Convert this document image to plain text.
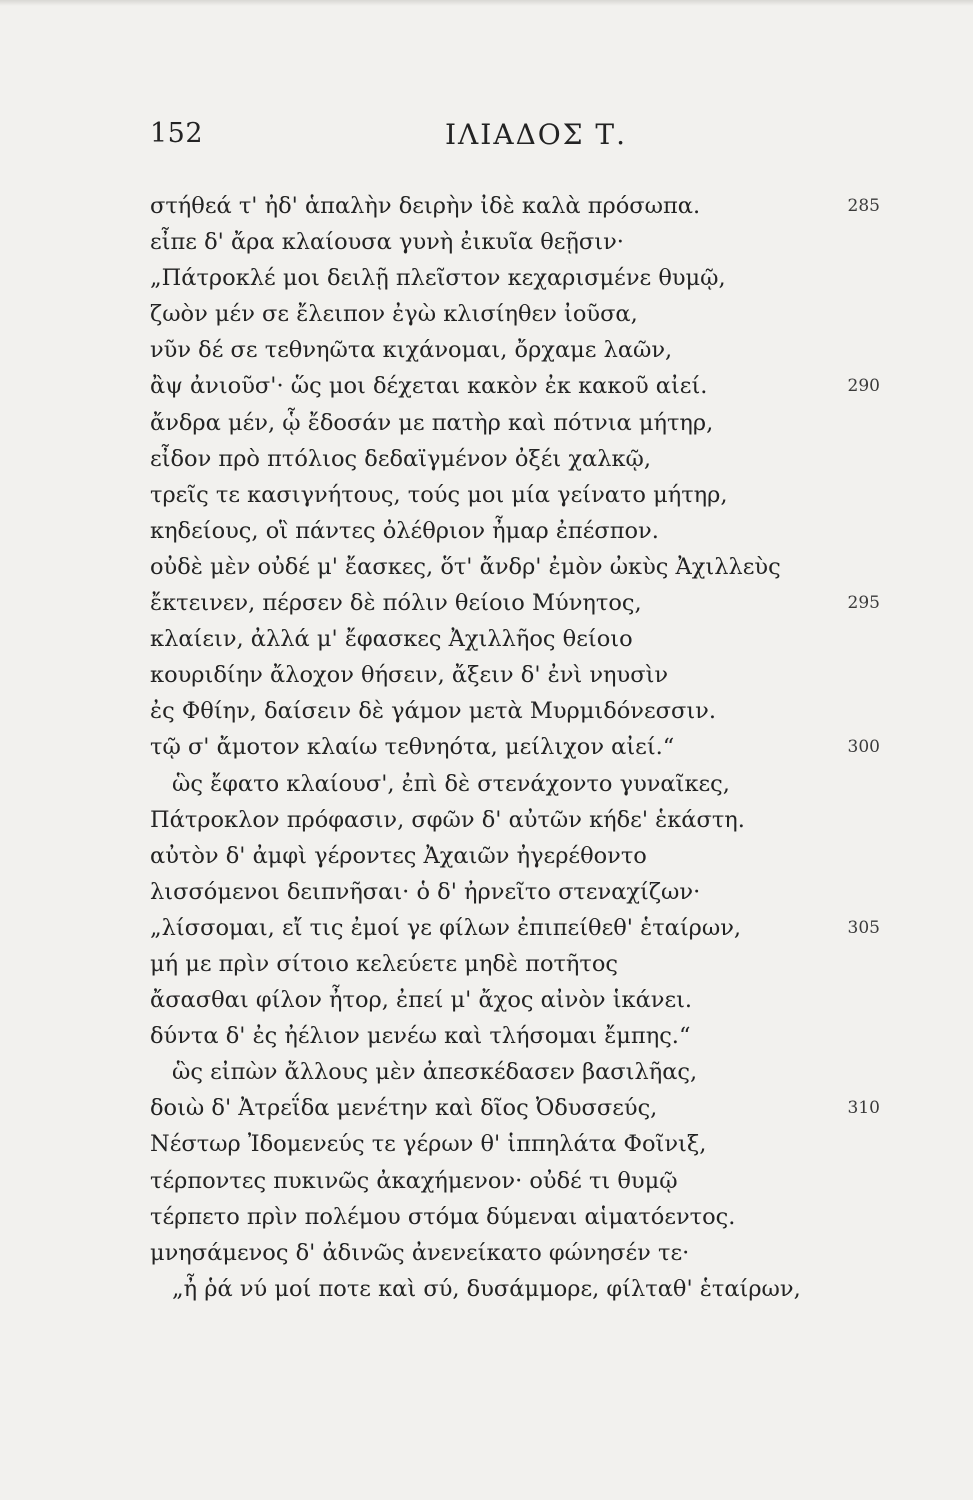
152	ΙΛΙΑΔΟΣ Τ.
στήθεά τ' ἠδ' ἁπαλὴν δειρὴν ἰδὲ καλὰ πρόσωπα.	285
εἶπε δ' ἄρα κλαίουσα γυνὴ ἐικυῖα θεῇσιν·
„Πάτροκλέ μοι δειλῇ πλεῖστον κεχαρισμένε θυμῷ,
ζωὸν μέν σε ἔλειπον ἐγὼ κλισίηθεν ἰοῦσα,
νῦν δέ σε τεθνηῶτα κιχάνομαι, ὄρχαμε λαῶν,
ἂψ ἀνιοῦσ'· ὥς μοι δέχεται κακὸν ἐκ κακοῦ αἰεί.	290
ἄνδρα μέν, ᾧ ἔδοσάν με πατὴρ καὶ πότνια μήτηρ,
εἶδον πρὸ πτόλιος δεδαϊγμένον ὀξέι χαλκῷ,
τρεῖς τε κασιγνήτους, τούς μοι μία γείνατο μήτηρ,
κηδείους, οἳ πάντες ὀλέθριον ἦμαρ ἐπέσπον.
οὐδὲ μὲν οὐδέ μ' ἔασκες, ὅτ' ἄνδρ' ἐμὸν ὠκὺς Ἀχιλλεὺς
ἔκτεινεν, πέρσεν δὲ πόλιν θείοιο Μύνητος,	295
κλαίειν, ἀλλά μ' ἔφασκες Ἀχιλλῆος θείοιο
κουριδίην ἄλοχον θήσειν, ἄξειν δ' ἐνὶ νηυσὶν
ἐς Φθίην, δαίσειν δὲ γάμον μετὰ Μυρμιδόνεσσιν.
τῷ σ' ἄμοτον κλαίω τεθνηότα, μείλιχον αἰεί.“	300
ὣς ἔφατο κλαίουσ', ἐπὶ δὲ στενάχοντο γυναῖκες,
Πάτροκλον πρόφασιν, σφῶν δ' αὐτῶν κήδε' ἑκάστη.
αὐτὸν δ' ἀμφὶ γέροντες Ἀχαιῶν ἠγερέθοντο
λισσόμενοι δειπνῆσαι· ὁ δ' ἠρνεῖτο στεναχίζων·
„λίσσομαι, εἴ τις ἐμοί γε φίλων ἐπιπείθεθ' ἑταίρων,	305
μή με πρὶν σίτοιο κελεύετε μηδὲ ποτῆτος
ἄσασθαι φίλον ἦτορ, ἐπεί μ' ἄχος αἰνὸν ἱκάνει.
δύντα δ' ἐς ἠέλιον μενέω καὶ τλήσομαι ἔμπης.“
ὣς εἰπὼν ἄλλους μὲν ἀπεσκέδασεν βασιλῆας,
δοιὼ δ' Ἀτρεΐδα μενέτην καὶ δῖος Ὀδυσσεύς,	310
Νέστωρ Ἰδομενεύς τε γέρων θ' ἱππηλάτα Φοῖνιξ,
τέρποντες πυκινῶς ἀκαχήμενον· οὐδέ τι θυμῷ
τέρπετο πρὶν πολέμου στόμα δύμεναι αἱματόεντος.
μνησάμενος δ' ἀδινῶς ἀνενείκατο φώνησέν τε·
„ἦ ῥά νύ μοί ποτε καὶ σύ, δυσάμμορε, φίλταθ' ἑταίρων,
